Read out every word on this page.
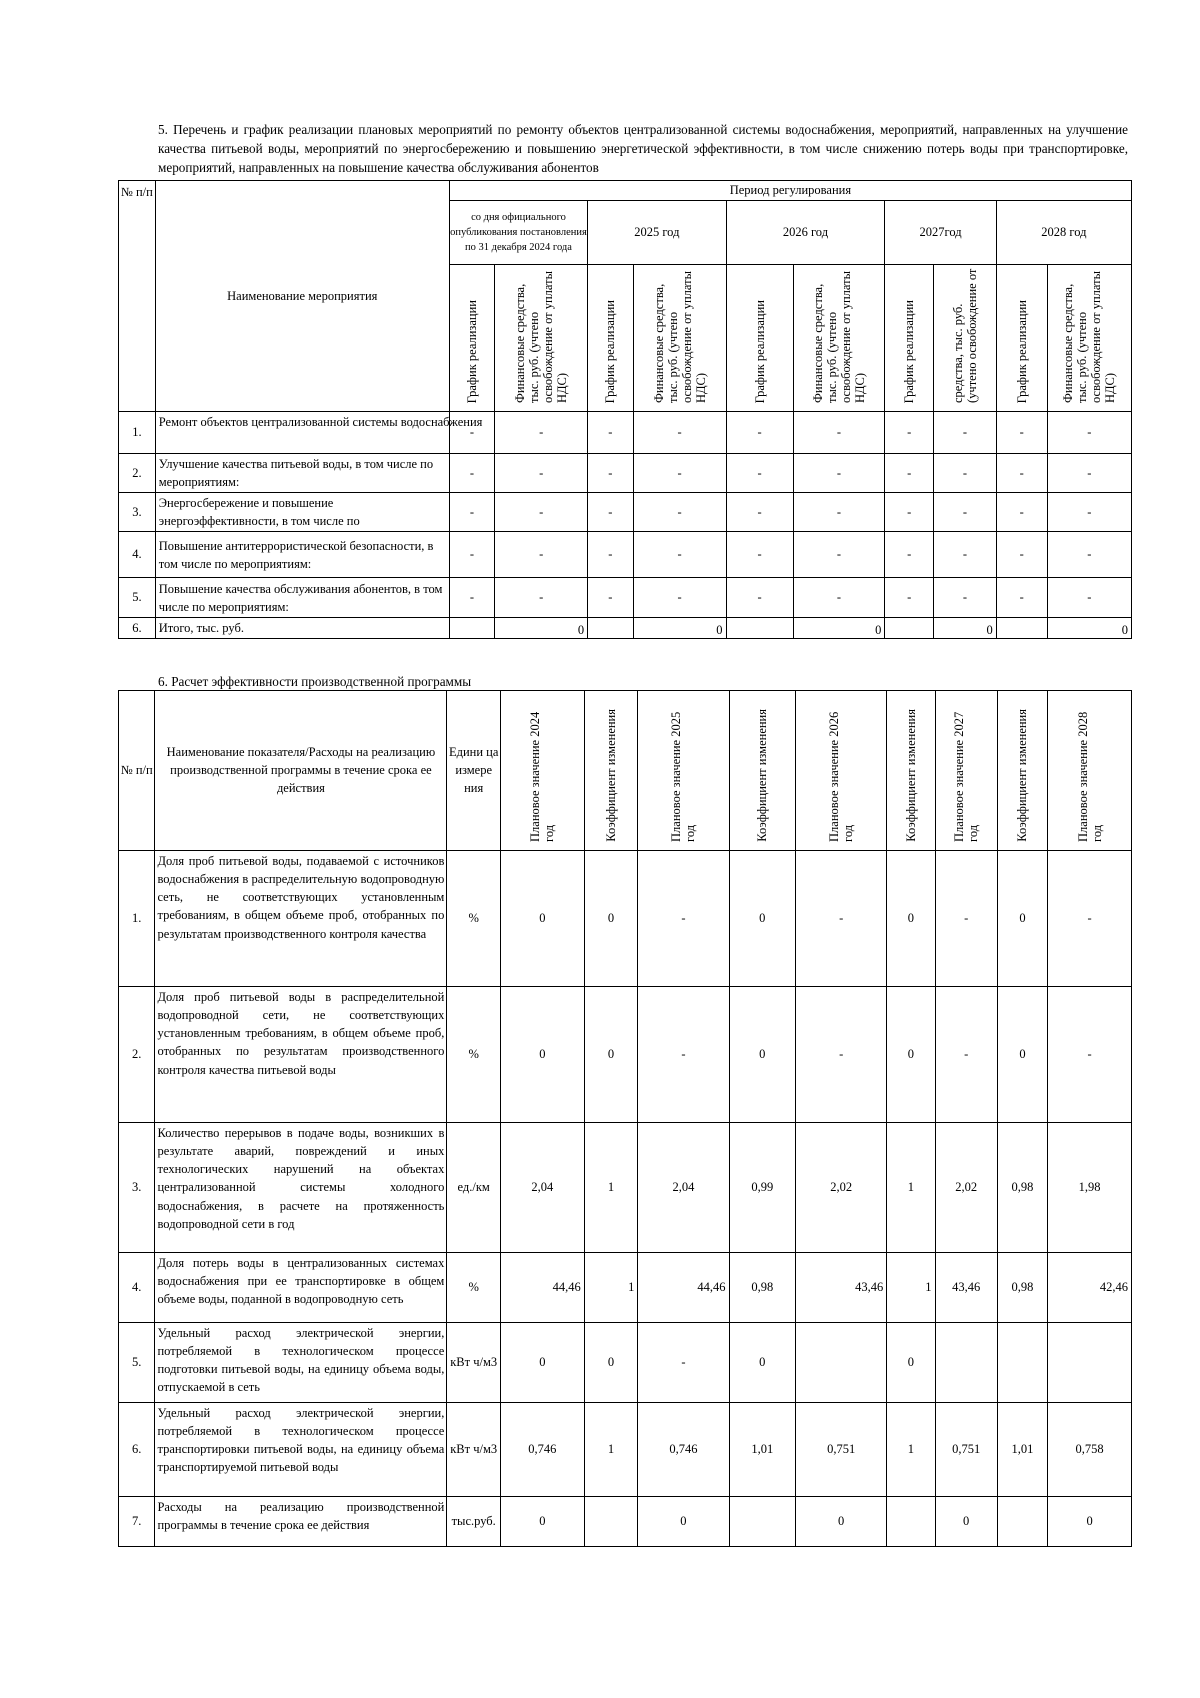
5. Перечень и график реализации плановых мероприятий по ремонту объектов централизованной системы водоснабжения, мероприятий, направленных на улучшение качества питьевой воды, мероприятий по энергосбережению и повышению энергетической эффективности, в том числе снижению потерь воды при транспортировке, мероприятий, направленных на повышение качества обслуживания абонентов
№ п/п	Наименование мероприятия	Период регулирования									
		со дня официального опубликования постановления по 31 декабря 2024 года		2025 год		2026 год		2027год		2028 год	
		График реализации	Финансовые средства, тыс. руб. (учтено освобождение от уплаты НДС)	График реализации	Финансовые средства, тыс. руб. (учтено освобождение от уплаты НДС)	График реализации	Финансовые средства, тыс. руб. (учтено освобождение от уплаты НДС)	График реализации	средства, тыс. руб. (учтено освобождение от	График реализации	Финансовые средства, тыс. руб. (учтено освобождение от уплаты НДС)
1.	Ремонт объектов централизованной системы водоснабжения	-	-	-	-	-	-	-	-	-	-
2.	Улучшение качества питьевой воды, в том числе по мероприятиям:	-	-	-	-	-	-	-	-	-	-
3.	Энергосбережение и повышение энергоэффективности, в том числе по	-	-	-	-	-	-	-	-	-	-
4.	Повышение антитеррористической безопасности, в том числе по мероприятиям:	-	-	-	-	-	-	-	-	-	-
5.	Повышение качества обслуживания абонентов, в том числе по мероприятиям:	-	-	-	-	-	-	-	-	-	-
6.	Итого, тыс. руб.		0		0		0		0		0
6. Расчет эффективности производственной программы
№ п/п	Наименование показателя/Расходы на реализацию производственной программы в течение срока ее действия	Едини ца измере ния	Плановое значение 2024 год	Коэффициент изменения	Плановое значение 2025 год	Коэффициент изменения	Плановое значение 2026 год	Коэффициент изменения	Плановое значение 2027 год	Коэффициент изменения	Плановое значение 2028 год
1.	Доля проб питьевой воды, подаваемой с источников водоснабжения в распределительную водопроводную сеть, не соответствующих установленным требованиям, в общем объеме проб, отобранных по результатам производственного контроля качества	%	0	0	-	0	-	0	-	0	-
2.	Доля проб питьевой воды в распределительной водопроводной сети, не соответствующих установленным требованиям, в общем объеме проб, отобранных по результатам производственного контроля качества питьевой воды	%	0	0	-	0	-	0	-	0	-
3.	Количество перерывов в подаче воды, возникших в результате аварий, повреждений и иных технологических нарушений на объектах централизованной системы холодного водоснабжения, в расчете на протяженность водопроводной сети в год	ед./км	2,04	1	2,04	0,99	2,02	1	2,02	0,98	1,98
4.	Доля потерь воды в централизованных системах водоснабжения при ее транспортировке в общем объеме воды, поданной в водопроводную сеть	%	44,46	1	44,46	0,98	43,46	1	43,46	0,98	42,46
5.	Удельный расход электрической энергии, потребляемой в технологическом процессе подготовки питьевой воды, на единицу объема воды, отпускаемой в сеть	кВт ч/м3	0	0	-	0		0			
6.	Удельный расход электрической энергии, потребляемой в технологическом процессе транспортировки питьевой воды, на единицу объема транспортируемой питьевой воды	кВт ч/м3	0,746	1	0,746	1,01	0,751	1	0,751	1,01	0,758
7.	Расходы на реализацию производственной программы в течение срока ее действия	тыс.руб.	0		0		0		0		0
